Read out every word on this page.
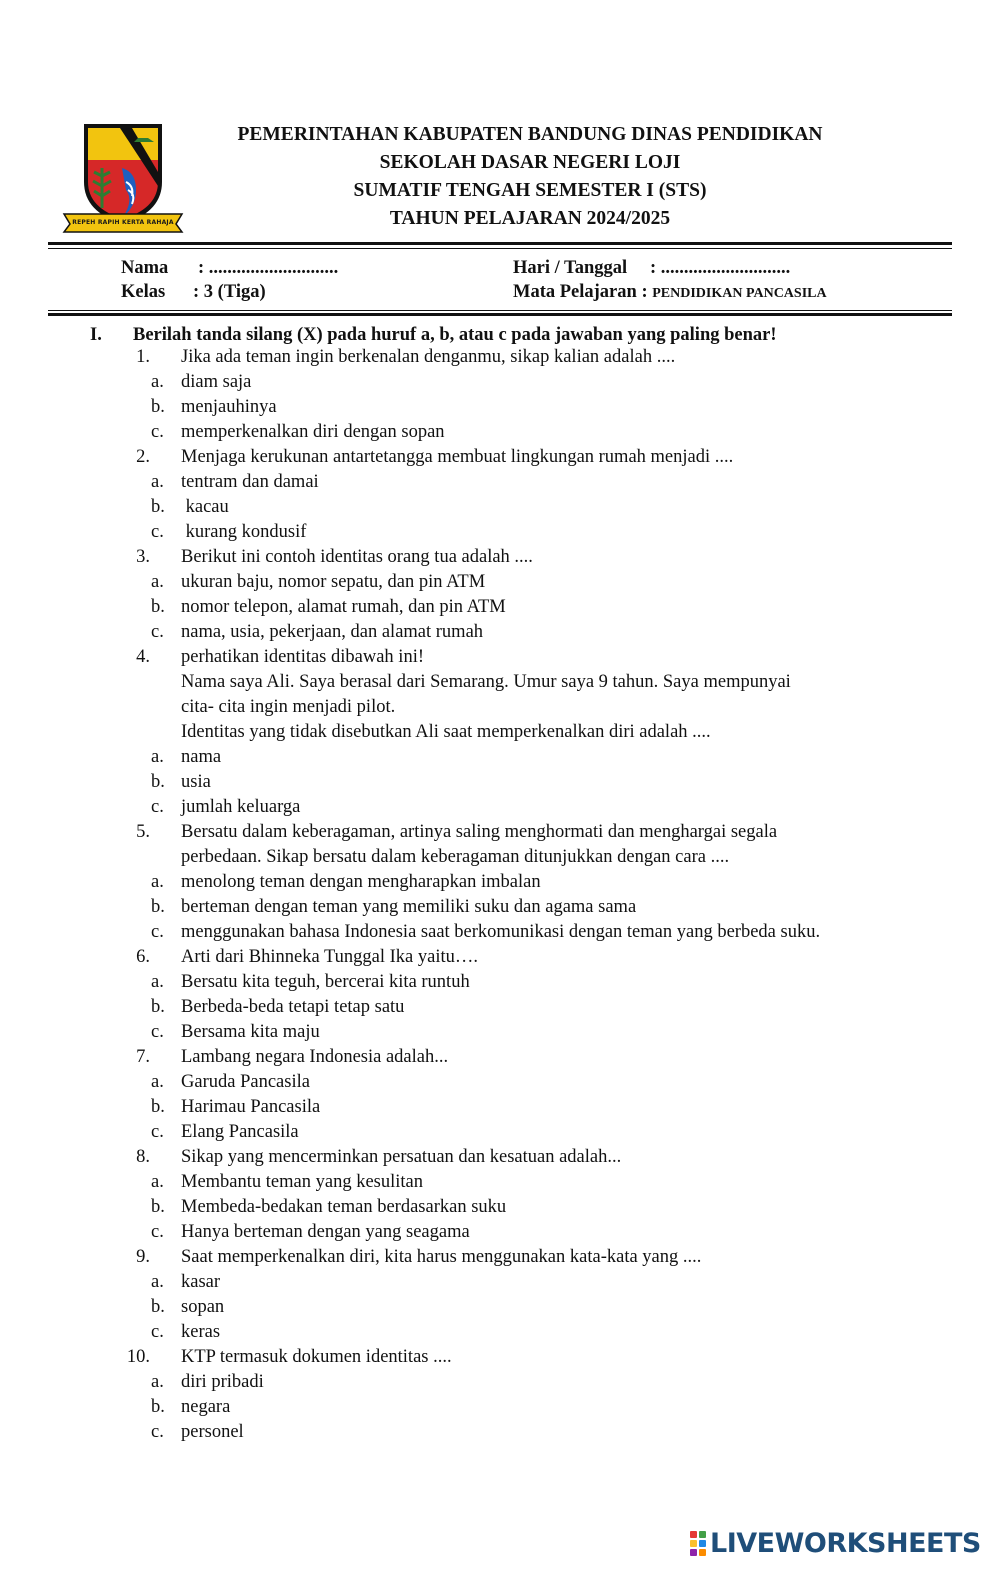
REPEH RAPIH KERTA RAHAJA
PEMERINTAHAN KABUPATEN BANDUNG DINAS PENDIDIKAN
SEKOLAH DASAR NEGERI LOJI
SUMATIF TENGAH SEMESTER I (STS)
TAHUN PELAJARAN 2024/2025
Nama : ............................
Kelas : 3 (Tiga)
Hari / Tanggal : ............................
Mata Pelajaran : PENDIDIKAN PANCASILA
I. Berilah tanda silang (X) pada huruf a, b, atau c pada jawaban yang paling benar!
1. Jika ada teman ingin berkenalan denganmu, sikap kalian adalah ....
a. diam saja
b. menjauhinya
c. memperkenalkan diri dengan sopan
2. Menjaga kerukunan antartetangga membuat lingkungan rumah menjadi ....
a. tentram dan damai
b. kacau
c. kurang kondusif
3. Berikut ini contoh identitas orang tua adalah ....
a. ukuran baju, nomor sepatu, dan pin ATM
b. nomor telepon, alamat rumah, dan pin ATM
c. nama, usia, pekerjaan, dan alamat rumah
4. perhatikan identitas dibawah ini!
Nama saya Ali. Saya berasal dari Semarang. Umur saya 9 tahun. Saya mempunyai
cita- cita ingin menjadi pilot.
Identitas yang tidak disebutkan Ali saat memperkenalkan diri adalah ....
a. nama
b. usia
c. jumlah keluarga
5. Bersatu dalam keberagaman, artinya saling menghormati dan menghargai segala
perbedaan. Sikap bersatu dalam keberagaman ditunjukkan dengan cara ....
a. menolong teman dengan mengharapkan imbalan
b. berteman dengan teman yang memiliki suku dan agama sama
c. menggunakan bahasa Indonesia saat berkomunikasi dengan teman yang berbeda suku.
6. Arti dari Bhinneka Tunggal Ika yaitu….
a. Bersatu kita teguh, bercerai kita runtuh
b. Berbeda-beda tetapi tetap satu
c. Bersama kita maju
7. Lambang negara Indonesia adalah...
a. Garuda Pancasila
b. Harimau Pancasila
c. Elang Pancasila
8. Sikap yang mencerminkan persatuan dan kesatuan adalah...
a. Membantu teman yang kesulitan
b. Membeda-bedakan teman berdasarkan suku
c. Hanya berteman dengan yang seagama
9. Saat memperkenalkan diri, kita harus menggunakan kata-kata yang ....
a. kasar
b. sopan
c. keras
10. KTP termasuk dokumen identitas ....
a. diri pribadi
b. negara
c. personel
LIVEWORKSHEETS
